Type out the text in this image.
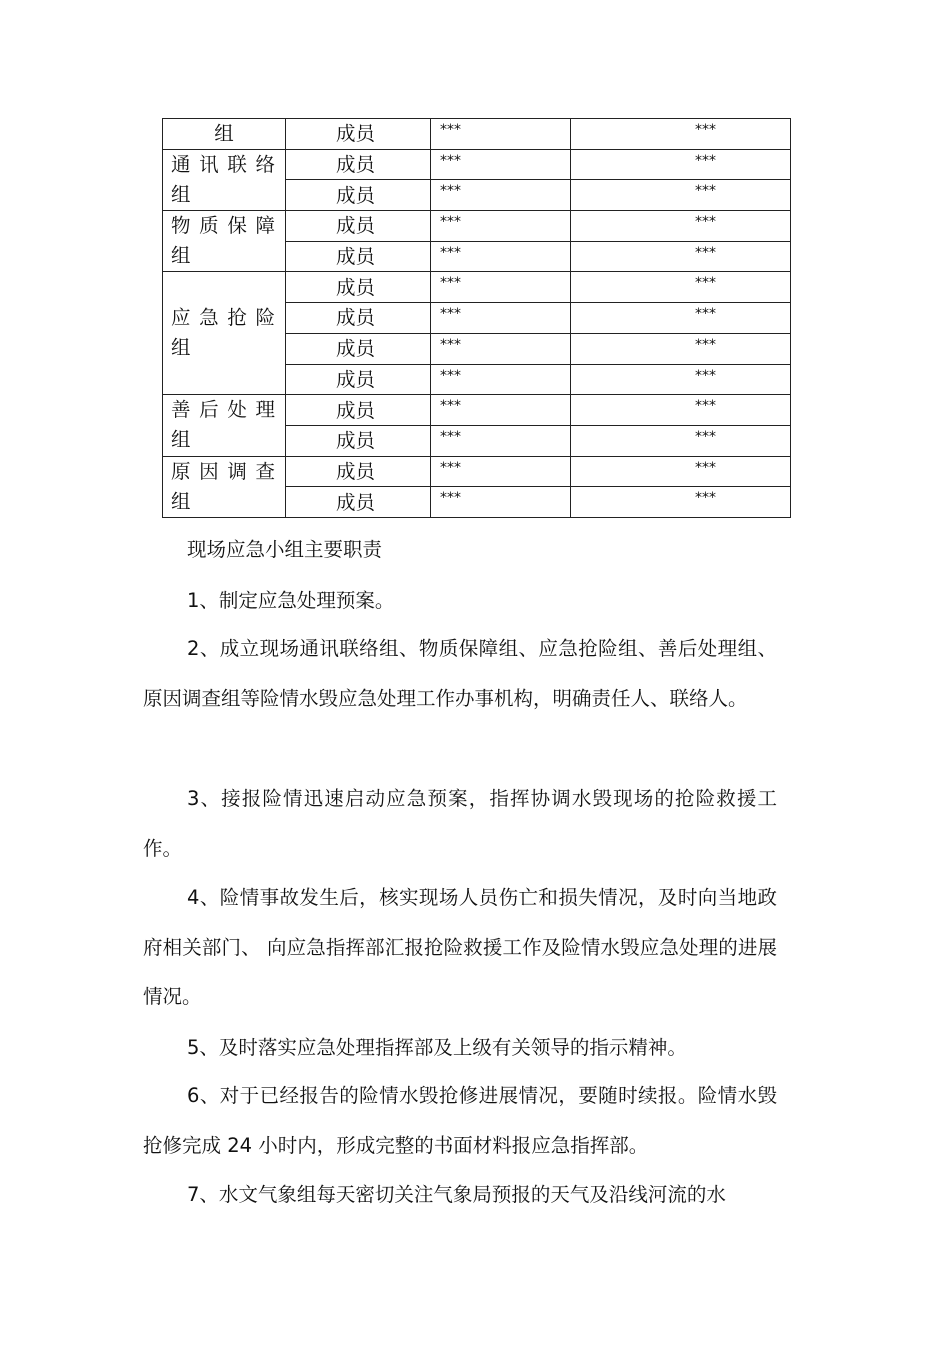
组	成员	***	***
通 讯 联 络
组	成员	***	***
	成员	***	***
物 质 保 障
组	成员	***	***
	成员	***	***
应 急 抢 险
组	成员	***	***
	成员	***	***
	成员	***	***
	成员	***	***
善 后 处 理
组	成员	***	***
	成员	***	***
原 因 调 查
组	成员	***	***
	成员	***	***
现场应急小组主要职责

1、制定应急处理预案。

2、成立现场通讯联络组、物质保障组、应急抢险组、善后处理组、原因调查组等险情水毁应急处理工作办事机构，明确责任人、联络人。

3、接报险情迅速启动应急预案，指挥协调水毁现场的抢险救援工作。

4、险情事故发生后，核实现场人员伤亡和损失情况，及时向当地政府相关部门、 向应急指挥部汇报抢险救援工作及险情水毁应急处理的进展情况。

5、及时落实应急处理指挥部及上级有关领导的指示精神。

6、对于已经报告的险情水毁抢修进展情况，要随时续报。险情水毁抢修完成 24 小时内，形成完整的书面材料报应急指挥部。

7、水文气象组每天密切关注气象局预报的天气及沿线河流的水
